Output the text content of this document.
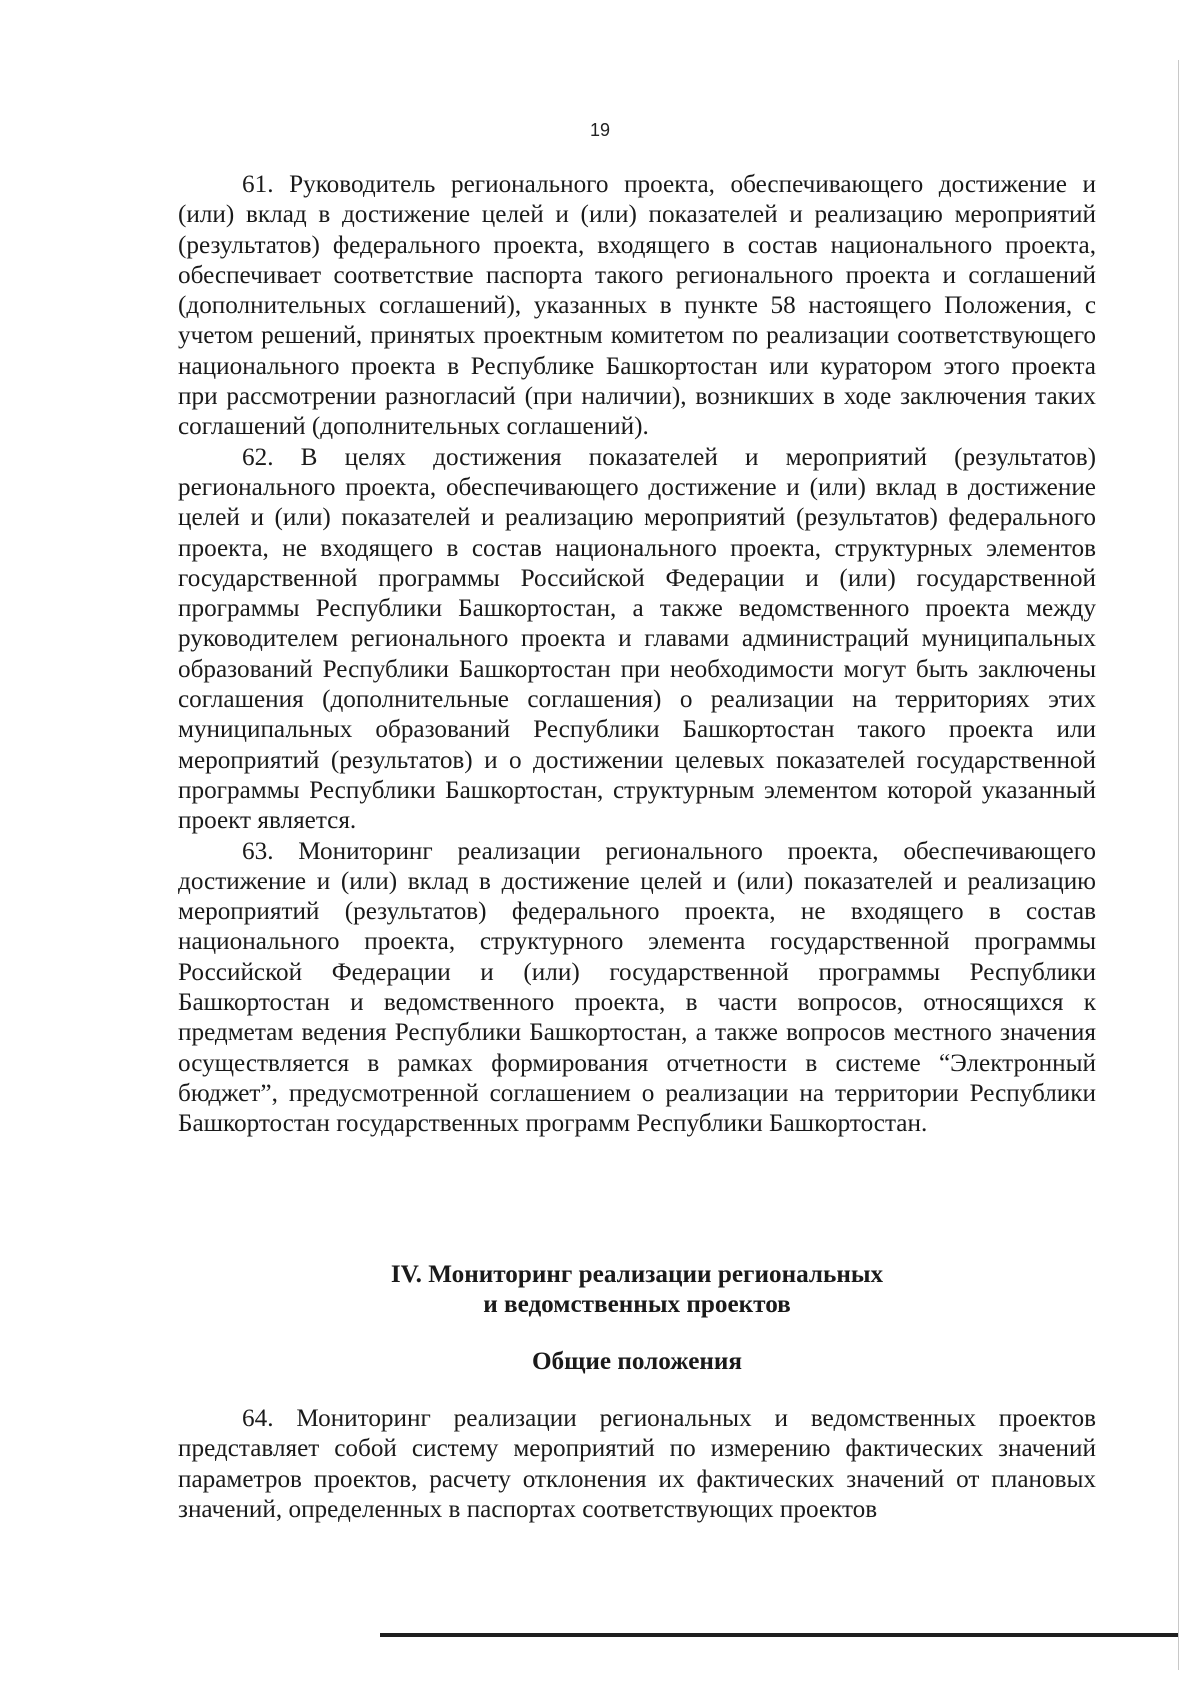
19

61. Руководитель регионального проекта, обеспечивающего достижение и (или) вклад в достижение целей и (или) показателей и реализацию мероприятий (результатов) федерального проекта, входящего в состав национального проекта, обеспечивает соответствие паспорта такого регионального проекта и соглашений (дополнительных соглашений), указанных в пункте 58 настоящего Положения, с учетом решений, принятых проектным комитетом по реализации соответствующего национального проекта в Республике Башкортостан или куратором этого проекта при рассмотрении разногласий (при наличии), возникших в ходе заключения таких соглашений (дополнительных соглашений).

62. В целях достижения показателей и мероприятий (результатов) регионального проекта, обеспечивающего достижение и (или) вклад в достижение целей и (или) показателей и реализацию мероприятий (результатов) федерального проекта, не входящего в состав национального проекта, структурных элементов государственной программы Российской Федерации и (или) государственной программы Республики Башкортостан, а также ведомственного проекта между руководителем регионального проекта и главами администраций муниципальных образований Республики Башкортостан при необходимости могут быть заключены соглашения (дополнительные соглашения) о реализации на территориях этих муниципальных образований Республики Башкортостан такого проекта или мероприятий (результатов) и о достижении целевых показателей государственной программы Республики Башкортостан, структурным элементом которой указанный проект является.

63. Мониторинг реализации регионального проекта, обеспечивающего достижение и (или) вклад в достижение целей и (или) показателей и реализацию мероприятий (результатов) федерального проекта, не входящего в состав национального проекта, структурного элемента государственной программы Российской Федерации и (или) государственной программы Республики Башкортостан и ведомственного проекта, в части вопросов, относящихся к предметам ведения Республики Башкортостан, а также вопросов местного значения осуществляется в рамках формирования отчетности в системе “Электронный бюджет”, предусмотренной соглашением о реализации на территории Республики Башкортостан государственных программ Республики Башкортостан.

IV. Мониторинг реализации региональных
и ведомственных проектов
Общие положения

64. Мониторинг реализации региональных и ведомственных проектов представляет собой систему мероприятий по измерению фактических значений параметров проектов, расчету отклонения их фактических значений от плановых значений, определенных в паспортах соответствующих проектов
